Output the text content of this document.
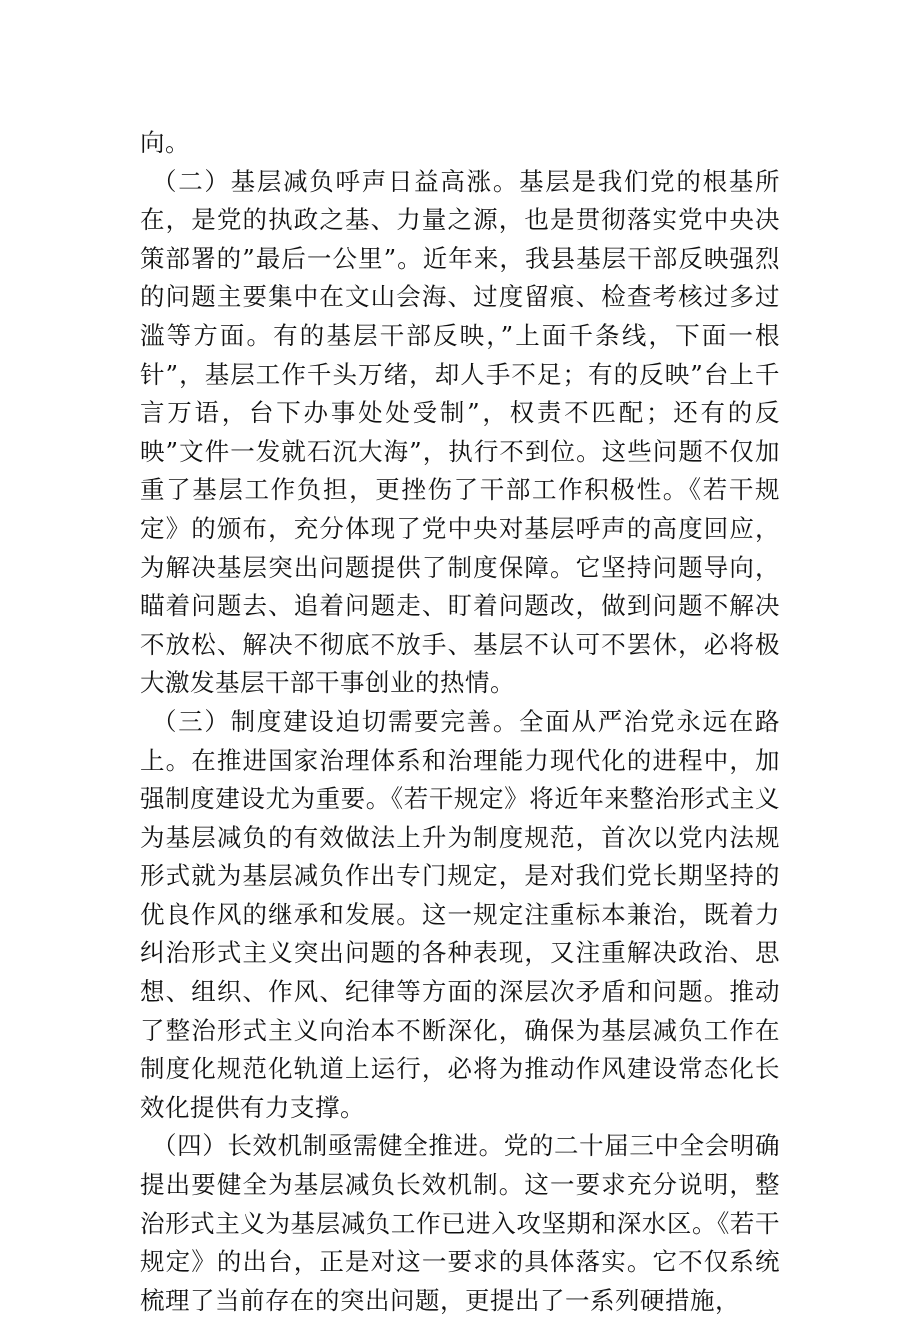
向。

（二）基层减负呼声日益高涨。基层是我们党的根基所在，是党的执政之基、力量之源，也是贯彻落实党中央决策部署的”最后一公里”。近年来，我县基层干部反映强烈的问题主要集中在文山会海、过度留痕、检查考核过多过滥等方面。有的基层干部反映，”上面千条线，下面一根针”，基层工作千头万绪，却人手不足；有的反映”台上千言万语，台下办事处处受制”，权责不匹配；还有的反映”文件一发就石沉大海”，执行不到位。这些问题不仅加重了基层工作负担，更挫伤了干部工作积极性。《若干规定》的颁布，充分体现了党中央对基层呼声的高度回应，为解决基层突出问题提供了制度保障。它坚持问题导向，瞄着问题去、追着问题走、盯着问题改，做到问题不解决不放松、解决不彻底不放手、基层不认可不罢休，必将极大激发基层干部干事创业的热情。

（三）制度建设迫切需要完善。全面从严治党永远在路上。在推进国家治理体系和治理能力现代化的进程中，加强制度建设尤为重要。《若干规定》将近年来整治形式主义为基层减负的有效做法上升为制度规范，首次以党内法规形式就为基层减负作出专门规定，是对我们党长期坚持的优良作风的继承和发展。这一规定注重标本兼治，既着力纠治形式主义突出问题的各种表现，又注重解决政治、思想、组织、作风、纪律等方面的深层次矛盾和问题。推动了整治形式主义向治本不断深化，确保为基层减负工作在制度化规范化轨道上运行，必将为推动作风建设常态化长效化提供有力支撑。

（四）长效机制亟需健全推进。党的二十届三中全会明确提出要健全为基层减负长效机制。这一要求充分说明，整治形式主义为基层减负工作已进入攻坚期和深水区。《若干规定》的出台，正是对这一要求的具体落实。它不仅系统梳理了当前存在的突出问题，更提出了一系列硬措施，
